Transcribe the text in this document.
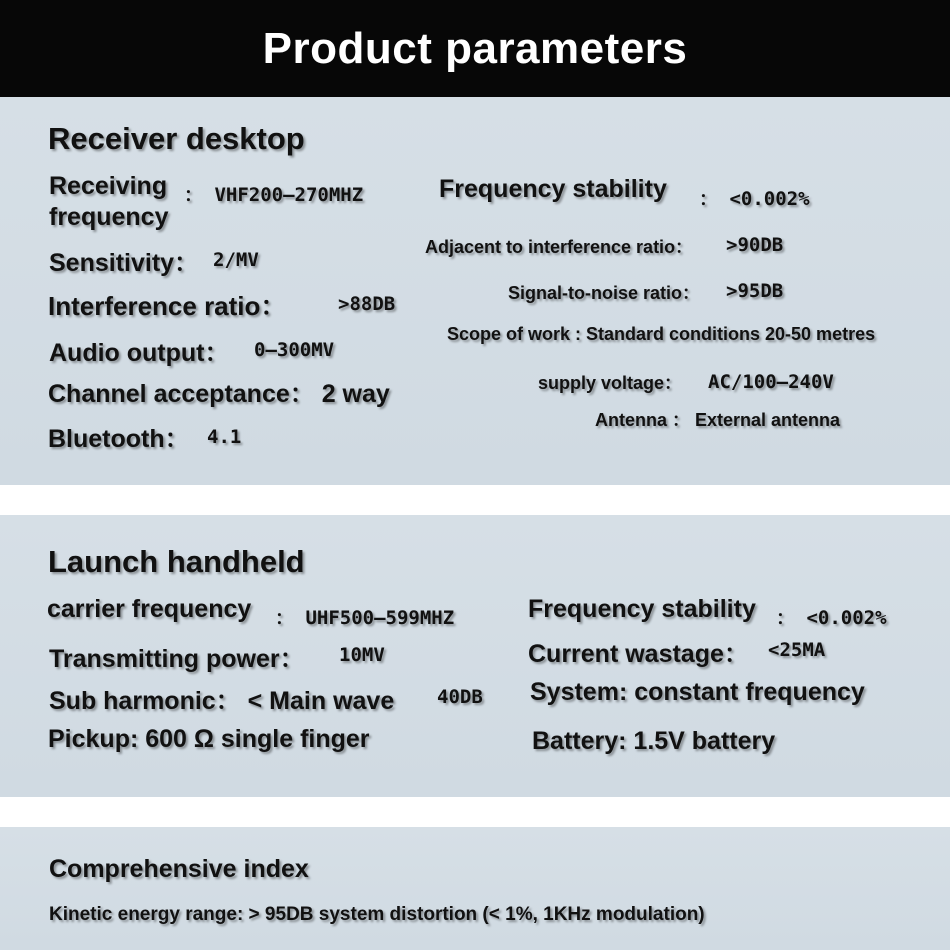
Product parameters
Receiver desktop
Receiving
frequency
： VHF200–270MHZ
Sensitivity： 2/MV
Interference ratio：	>88DB
Audio output： 0–300MV
Channel acceptance： 2 way
Bluetooth： 4.1
Frequency stability ： <0.002%
Adjacent to interference ratio： >90DB
Signal-to-noise ratio： >95DB
Scope of work : Standard conditions 20-50 metres
supply voltage： AC/100–240V
Antenna ： External antenna
Launch handheld
carrier frequency ： UHF500–599MHZ
Transmitting power： 10MV
Sub harmonic： < Main wave 40DB
Pickup: 600 Ω single finger
Frequency stability ： <0.002%
Current wastage： <25MA
System: constant frequency
Battery: 1.5V battery
Comprehensive index
Kinetic energy range: > 95DB system distortion (< 1%, 1KHz modulation)
